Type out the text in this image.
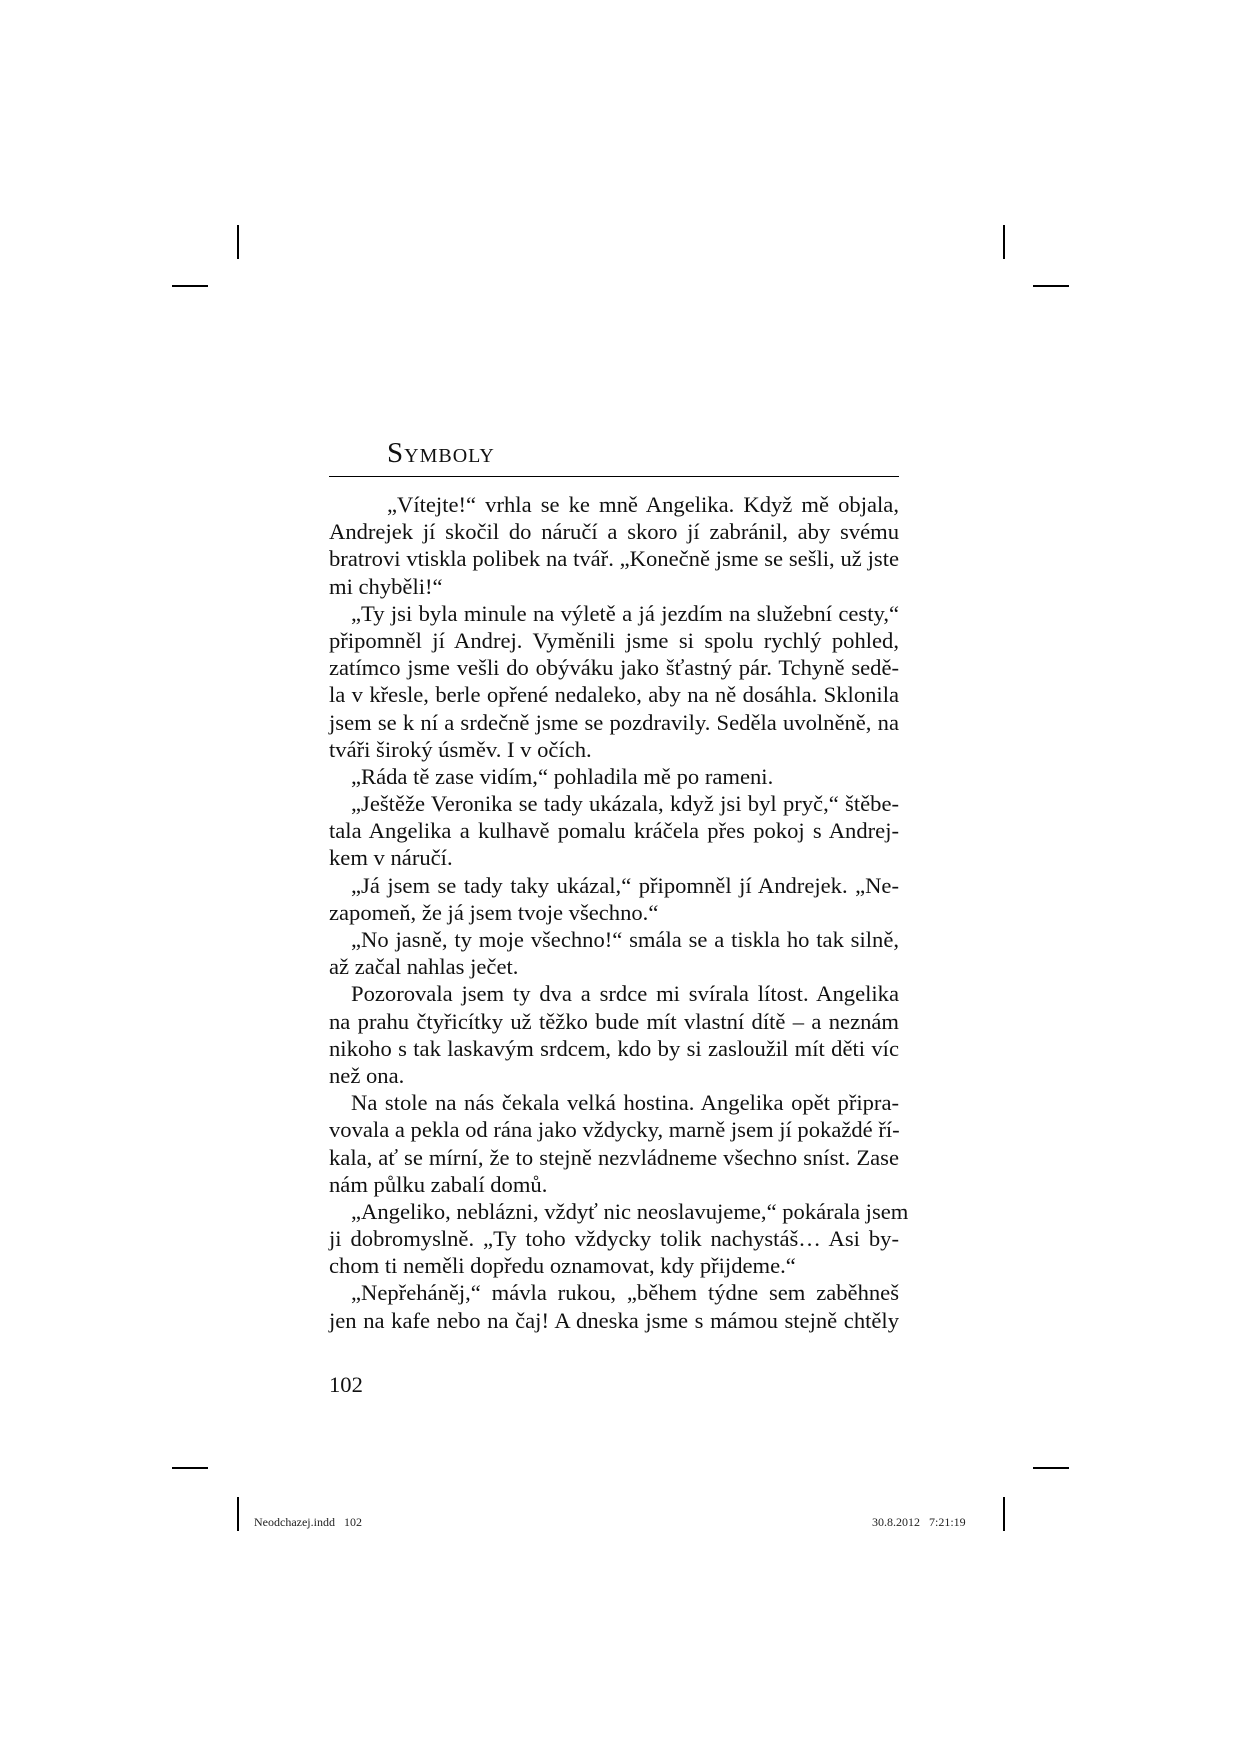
Symboly
„Vítejte!“ vrhla se ke mně Angelika. Když mě objala,
Andrejek jí skočil do náručí a skoro jí zabránil, aby svému
bratrovi vtiskla polibek na tvář. „Konečně jsme se sešli, už jste
mi chyběli!“
„Ty jsi byla minule na výletě a já jezdím na služební cesty,“
připomněl jí Andrej. Vyměnili jsme si spolu rychlý pohled,
zatímco jsme vešli do obýváku jako šťastný pár. Tchyně sedě-
la v křesle, berle opřené nedaleko, aby na ně dosáhla. Sklonila
jsem se k ní a srdečně jsme se pozdravily. Seděla uvolněně, na
tváři široký úsměv. I v očích.
„Ráda tě zase vidím,“ pohladila mě po rameni.
„Ještěže Veronika se tady ukázala, když jsi byl pryč,“ štěbe-
tala Angelika a kulhavě pomalu kráčela přes pokoj s Andrej-
kem v náručí.
„Já jsem se tady taky ukázal,“ připomněl jí Andrejek. „Ne-
zapomeň, že já jsem tvoje všechno.“
„No jasně, ty moje všechno!“ smála se a tiskla ho tak silně,
až začal nahlas ječet.
Pozorovala jsem ty dva a srdce mi svírala lítost. Angelika
na prahu čtyřicítky už těžko bude mít vlastní dítě – a neznám
nikoho s tak laskavým srdcem, kdo by si zasloužil mít děti víc
než ona.
Na stole na nás čekala velká hostina. Angelika opět připra-
vovala a pekla od rána jako vždycky, marně jsem jí pokaždé ří-
kala, ať se mírní, že to stejně nezvládneme všechno sníst. Zase
nám půlku zabalí domů.
„Angeliko, neblázni, vždyť nic neoslavujeme,“ pokárala jsem
ji dobromyslně. „Ty toho vždycky tolik nachystáš… Asi by-
chom ti neměli dopředu oznamovat, kdy přijdeme.“
„Nepřeháněj,“ mávla rukou, „během týdne sem zaběhneš
jen na kafe nebo na čaj! A dneska jsme s mámou stejně chtěly
102
Neodchazej.indd   102	30.8.2012   7:21:19
